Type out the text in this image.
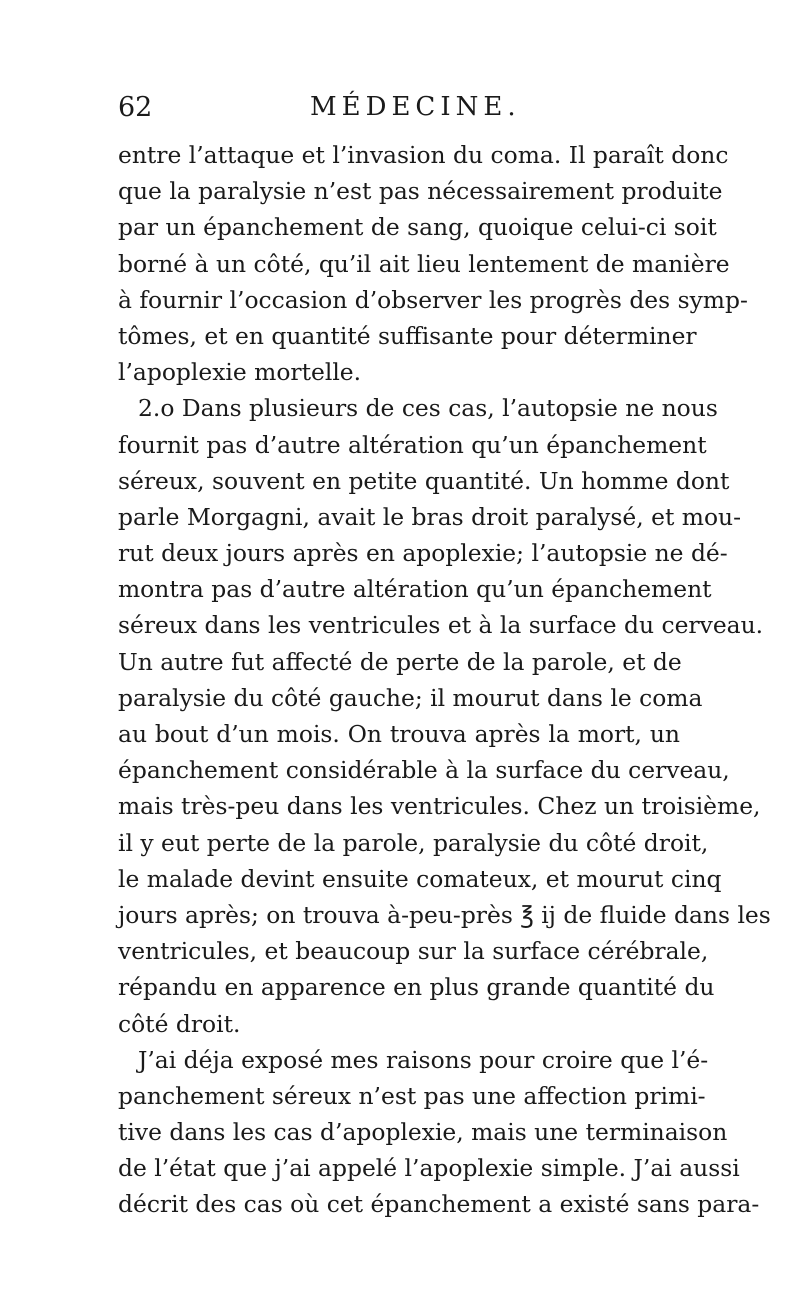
62	MÉDECINE.
entre l’attaque et l’invasion du coma. Il paraît donc
que la paralysie n’est pas nécessairement produite
par un épanchement de sang, quoique celui-ci soit
borné à un côté, qu’il ait lieu lentement de manière
à fournir l’occasion d’observer les progrès des symp-
tômes, et en quantité suffisante pour déterminer
l’apoplexie mortelle.
2.o Dans plusieurs de ces cas, l’autopsie ne nous
fournit pas d’autre altération qu’un épanchement
séreux, souvent en petite quantité. Un homme dont
parle Morgagni, avait le bras droit paralysé, et mou-
rut deux jours après en apoplexie; l’autopsie ne dé-
montra pas d’autre altération qu’un épanchement
séreux dans les ventricules et à la surface du cerveau.
Un autre fut affecté de perte de la parole, et de
paralysie du côté gauche; il mourut dans le coma
au bout d’un mois. On trouva après la mort, un
épanchement considérable à la surface du cerveau,
mais très-peu dans les ventricules. Chez un troisième,
il y eut perte de la parole, paralysie du côté droit,
le malade devint ensuite comateux, et mourut cinq
jours après; on trouva à-peu-près ℥ ij de fluide dans les
ventricules, et beaucoup sur la surface cérébrale,
répandu en apparence en plus grande quantité du
côté droit.
J’ai déja exposé mes raisons pour croire que l’é-
panchement séreux n’est pas une affection primi-
tive dans les cas d’apoplexie, mais une terminaison
de l’état que j’ai appelé l’apoplexie simple. J’ai aussi
décrit des cas où cet épanchement a existé sans para-
